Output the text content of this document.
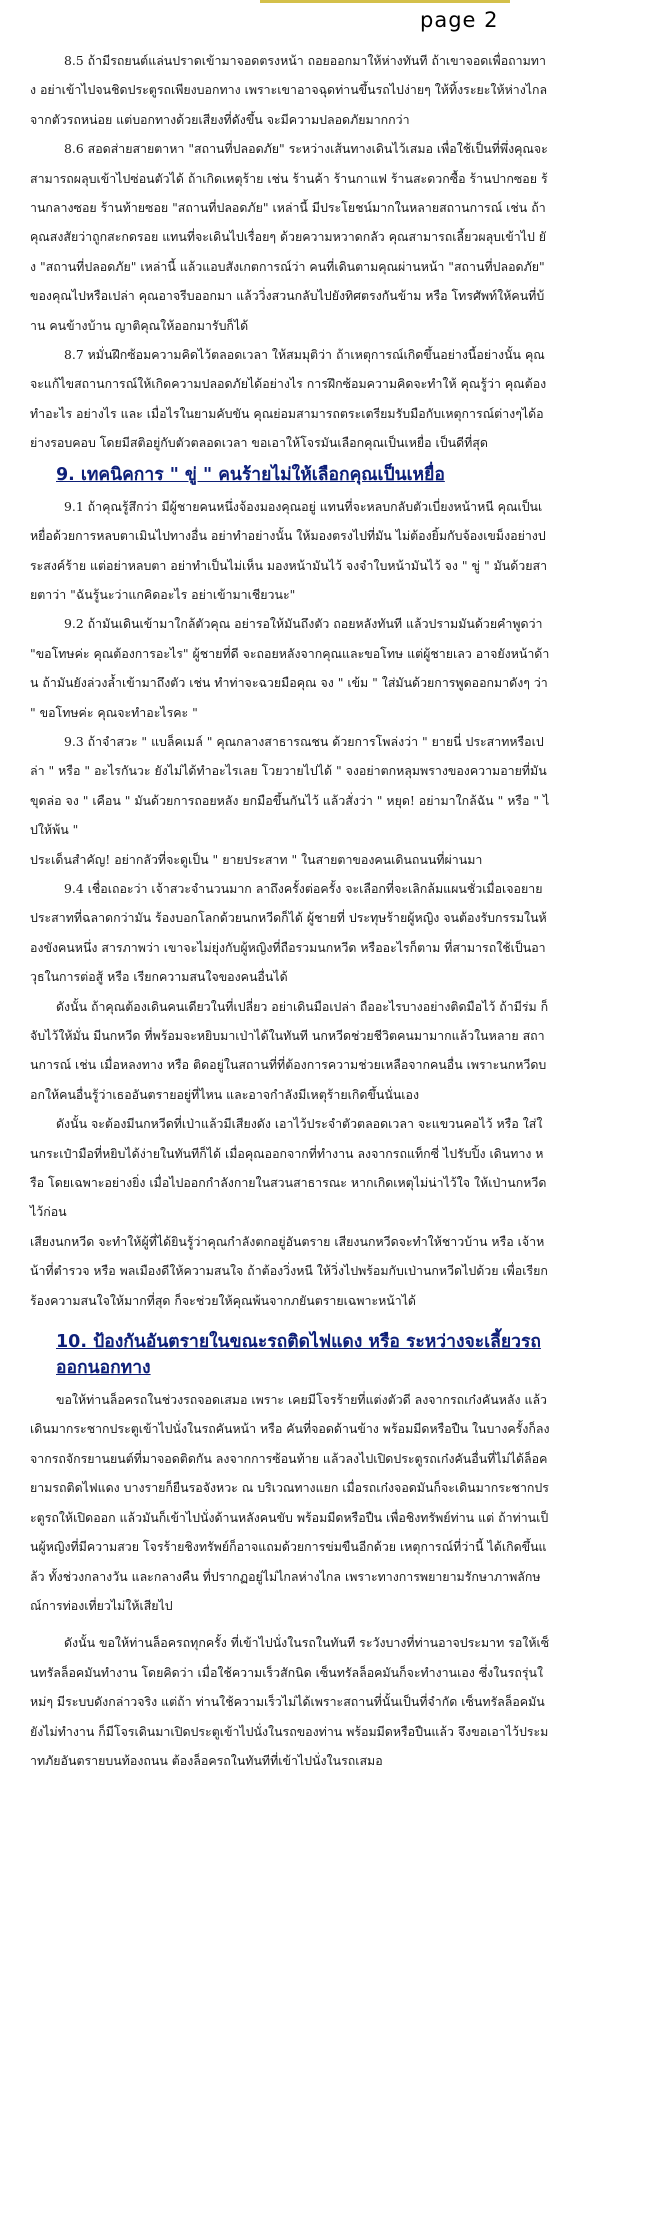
page 2

8.5 ถ้ามีรถยนต์แล่นปราดเข้ามาจอดตรงหน้า ถอยออกมาให้ห่างทันที ถ้าเขาจอดเพื่อถามทาง อย่าเข้าไปจนชิดประตูรถเพียงบอกทาง เพราะเขาอาจฉุดท่านขึ้นรถไปง่ายๆ ให้ทิ้งระยะให้ห่างไกลจากตัวรถหน่อย แต่บอกทางด้วยเสียงที่ดังขึ้น จะมีความปลอดภัยมากกว่า

8.6 สอดส่ายสายตาหา "สถานที่ปลอดภัย" ระหว่างเส้นทางเดินไว้เสมอ เพื่อใช้เป็นที่พึ่งคุณจะสามารถผลุบเข้าไปซ่อนตัวได้ ถ้าเกิดเหตุร้าย เช่น ร้านค้า ร้านกาแฟ ร้านสะดวกซื้อ ร้านปากซอย ร้านกลางซอย ร้านท้ายซอย "สถานที่ปลอดภัย" เหล่านี้ มีประโยชน์มากในหลายสถานการณ์ เช่น ถ้าคุณสงสัยว่าถูกสะกดรอย แทนที่จะเดินไปเรื่อยๆ ด้วยความหวาดกลัว คุณสามารถเลี้ยวผลุบเข้าไป ยัง "สถานที่ปลอดภัย" เหล่านี้ แล้วแอบสังเกตการณ์ว่า คนที่เดินตามคุณผ่านหน้า "สถานที่ปลอดภัย" ของคุณไปหรือเปล่า คุณอาจรีบออกมา แล้ววิ่งสวนกลับไปยังทิศตรงกันข้าม หรือ โทรศัพท์ให้คนที่บ้าน คนข้างบ้าน ญาติคุณให้ออกมารับก็ได้

8.7 หมั่นฝึกซ้อมความคิดไว้ตลอดเวลา ให้สมมุติว่า ถ้าเหตุการณ์เกิดขึ้นอย่างนี้อย่างนั้น คุณจะแก้ไขสถานการณ์ให้เกิดความปลอดภัยได้อย่างไร การฝึกซ้อมความคิดจะทำให้ คุณรู้ว่า คุณต้องทำอะไร อย่างไร และ เมื่อไรในยามคับขัน คุณย่อมสามารถตระเตรียมรับมือกับเหตุการณ์ต่างๆได้อย่างรอบคอบ โดยมีสติอยู่กับตัวตลอดเวลา ขอเอาให้โจรมันเลือกคุณเป็นเหยื่อ เป็นดีที่สุด

9. เทคนิคการ " ขู่ " คนร้ายไม่ให้เลือกคุณเป็นเหยื่อ

9.1 ถ้าคุณรู้สึกว่า มีผู้ชายคนหนึ่งจ้องมองคุณอยู่ แทนที่จะหลบกลับตัวเบี่ยงหน้าหนี คุณเป็นเหยื่อด้วยการหลบตาเมินไปทางอื่น อย่าทำอย่างนั้น ให้มองตรงไปที่มัน ไม่ต้องยิ้มกับจ้องเขม็งอย่างประสงค์ร้าย แต่อย่าหลบตา อย่าทำเป็นไม่เห็น มองหน้ามันไว้ จงจำใบหน้ามันไว้ จง " ขู่ " มันด้วยสายตาว่า "ฉันรู้นะว่าแกคิดอะไร อย่าเข้ามาเชียวนะ"

9.2 ถ้ามันเดินเข้ามาใกล้ตัวคุณ อย่ารอให้มันถึงตัว ถอยหลังทันที แล้วปรามมันด้วยคำพูดว่า "ขอโทษค่ะ คุณต้องการอะไร" ผู้ชายที่ดี จะถอยหลังจากคุณและขอโทษ แต่ผู้ชายเลว อาจยังหน้าด้าน ถ้ามันยังล่วงล้ำเข้ามาถึงตัว เช่น ทำท่าจะฉวยมือคุณ จง " เข้ม " ใส่มันด้วยการพูดออกมาดังๆ ว่า " ขอโทษค่ะ คุณจะทำอะไรคะ "

9.3 ถ้าจำสวะ " แบล็คเมล์ " คุณกลางสาธารณชน ด้วยการโพล่งว่า " ยายนี่ ประสาทหรือเปล่า " หรือ " อะไรกันวะ ยังไม่ได้ทำอะไรเลย โวยวายไปได้ " จงอย่าตกหลุมพรางของความอายที่มันขุดล่อ จง " เคือน " มันด้วยการถอยหลัง ยกมือขึ้นกันไว้ แล้วสั่งว่า " หยุด! อย่ามาใกล้ฉัน " หรือ " ไปให้พ้น "

ประเด็นสำคัญ! อย่ากลัวที่จะดูเป็น " ยายประสาท " ในสายตาของคนเดินถนนที่ผ่านมา

9.4 เชื่อเถอะว่า เจ้าสวะจำนวนมาก ลาถึงครั้งต่อครั้ง จะเลือกที่จะเลิกล้มแผนชั่วเมื่อเจอยายประสาทที่ฉลาดกว่ามัน ร้องบอกโลกด้วยนกหวีดก็ได้ ผู้ชายที่ ประทุษร้ายผู้หญิง จนต้องรับกรรมในห้องขังคนหนึ่ง สารภาพว่า เขาจะไม่ยุ่งกับผู้หญิงที่ถือรวมนกหวีด หรืออะไรก็ตาม ที่สามารถใช้เป็นอาวุธในการต่อสู้ หรือ เรียกความสนใจของคนอื่นได้

ดังนั้น ถ้าคุณต้องเดินคนเดียวในที่เปลี่ยว อย่าเดินมือเปล่า ถืออะไรบางอย่างติดมือไว้ ถ้ามีร่ม ก็จับไว้ให้มั่น มีนกหวีด ที่พร้อมจะหยิบมาเป่าได้ในทันที นกหวีดช่วยชีวิตคนมามากแล้วในหลาย สถานการณ์ เช่น เมื่อหลงทาง หรือ ติดอยู่ในสถานที่ที่ต้องการความช่วยเหลือจากคนอื่น เพราะนกหวีดบอกให้คนอื่นรู้ว่าเธออันตรายอยู่ที่ไหน และอาจกำลังมีเหตุร้ายเกิดขึ้นนั่นเอง

ดังนั้น จะต้องมีนกหวีดที่เป่าแล้วมีเสียงดัง เอาไว้ประจำตัวตลอดเวลา จะแขวนคอไว้ หรือ ใส่ในกระเป๋ามือที่หยิบได้ง่ายในทันทีก็ได้ เมื่อคุณออกจากที่ทำงาน ลงจากรถแท็กซี่ ไปรับปิ้ง เดินทาง หรือ โดยเฉพาะอย่างยิ่ง เมื่อไปออกกำลังกายในสวนสาธารณะ หากเกิดเหตุไม่น่าไว้ใจ ให้เป่านกหวีดไว้ก่อน

เสียงนกหวีด จะทำให้ผู้ที่ได้ยินรู้ว่าคุณกำลังตกอยู่อันตราย เสียงนกหวีดจะทำให้ชาวบ้าน หรือ เจ้าหน้าที่ตำรวจ หรือ พลเมืองดีให้ความสนใจ ถ้าต้องวิ่งหนี ให้วิ่งไปพร้อมกับเป่านกหวีดไปด้วย เพื่อเรียกร้องความสนใจให้มากที่สุด ก็จะช่วยให้คุณพ้นจากภยันตรายเฉพาะหน้าได้

10. ป้องกันอันตรายในขณะรถติดไฟแดง หรือ ระหว่างจะเลี้ยวรถออกนอกทาง

ขอให้ท่านล็อครถในช่วงรถจอดเสมอ เพราะ เคยมีโจรร้ายที่แต่งตัวดี ลงจากรถเก๋งคันหลัง แล้วเดินมากระชากประตูเข้าไปนั่งในรถคันหน้า หรือ คันที่จอดด้านข้าง พร้อมมีดหรือปืน ในบางครั้งก็ลงจากรถจักรยานยนต์ที่มาจอดติดกัน ลงจากการซ้อนท้าย แล้วลงไปเปิดประตูรถเก๋งคันอื่นที่ไม่ได้ล็อค ยามรถติดไฟแดง บางรายก็ยืนรอจังหวะ ณ บริเวณทางแยก เมื่อรถเก๋งจอดมันก็จะเดินมากระชากประตูรถให้เปิดออก แล้วมันก็เข้าไปนั่งด้านหลังคนขับ พร้อมมีดหรือปืน เพื่อชิงทรัพย์ท่าน แต่ ถ้าท่านเป็นผู้หญิงที่มีความสวย โจรร้ายชิงทรัพย์ก็อาจแถมด้วยการข่มขืนอีกด้วย เหตุการณ์ที่ว่านี้ ได้เกิดขึ้นแล้ว ทั้งช่วงกลางวัน และกลางคืน ที่ปรากฏอยู่ไม่ไกลห่างไกล เพราะทางการพยายามรักษาภาพลักษณ์การท่องเที่ยวไม่ให้เสียไป

ดังนั้น ขอให้ท่านล็อครถทุกครั้ง ที่เข้าไปนั่งในรถในทันที ระวังบางที่ท่านอาจประมาท รอให้เซ็นทรัลล็อคมันทำงาน โดยคิดว่า เมื่อใช้ความเร็วสักนิด เซ็นทรัลล็อคมันก็จะทำงานเอง ซึ่งในรถรุ่นใหม่ๆ มีระบบดังกล่าวจริง แต่ถ้า ท่านใช้ความเร็วไม่ได้เพราะสถานที่นั้นเป็นที่จำกัด เซ็นทรัลล็อคมันยังไม่ทำงาน ก็มีโจรเดินมาเปิดประตูเข้าไปนั่งในรถของท่าน พร้อมมีดหรือปืนแล้ว จึงขอเอาไว้ประมาทภัยอันตรายบนท้องถนน ต้องล็อครถในทันทีที่เข้าไปนั่งในรถเสมอ
